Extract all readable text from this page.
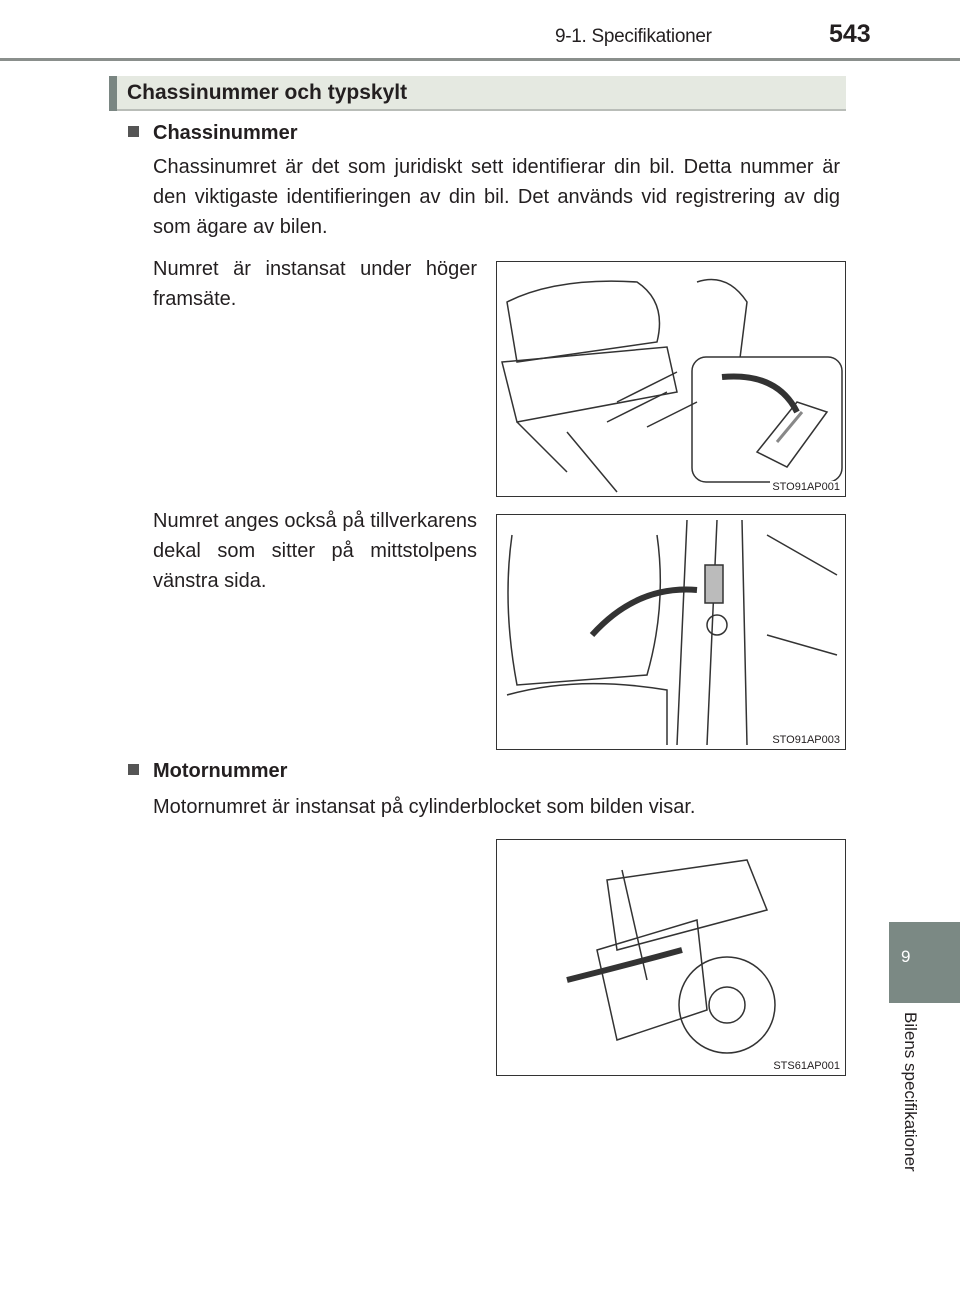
9-1. Specifikationer	543
Chassinummer och typskylt
Chassinummer
Chassinumret är det som juridiskt sett identifierar din bil. Detta nummer är den viktigaste identifieringen av din bil. Det används vid registrering av dig som ägare av bilen.
Numret är instansat under höger framsäte.
STO91AP001
Numret anges också på tillverkarens dekal som sitter på mittstolpens vänstra sida.
STO91AP003
Motornummer
Motornumret är instansat på cylinderblocket som bilden visar.
STS61AP001
9
Bilens specifikationer
